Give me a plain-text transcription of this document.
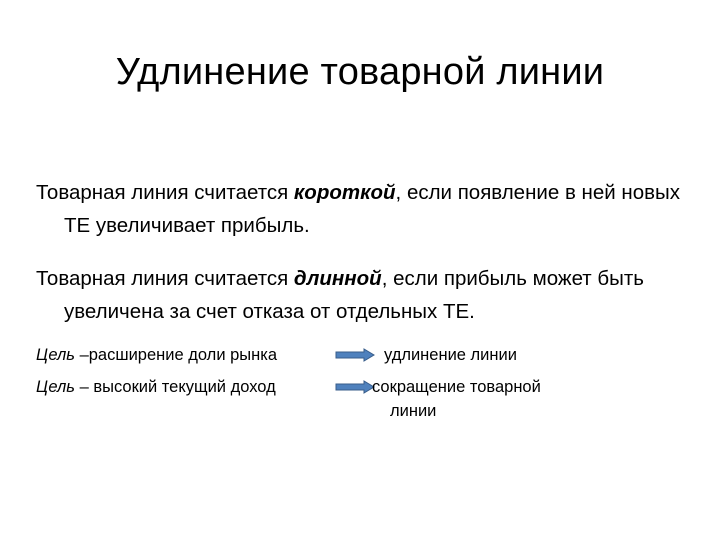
Удлинение товарной линии
Товарная линия считается короткой, если появление в ней новых ТЕ увеличивает прибыль.
Товарная линия считается длинной, если прибыль может быть увеличена за счет отказа от отдельных ТЕ.
Цель –расширение доли рынка	удлинение линии
Цель – высокий текущий доход	сокращение товарной
линии
